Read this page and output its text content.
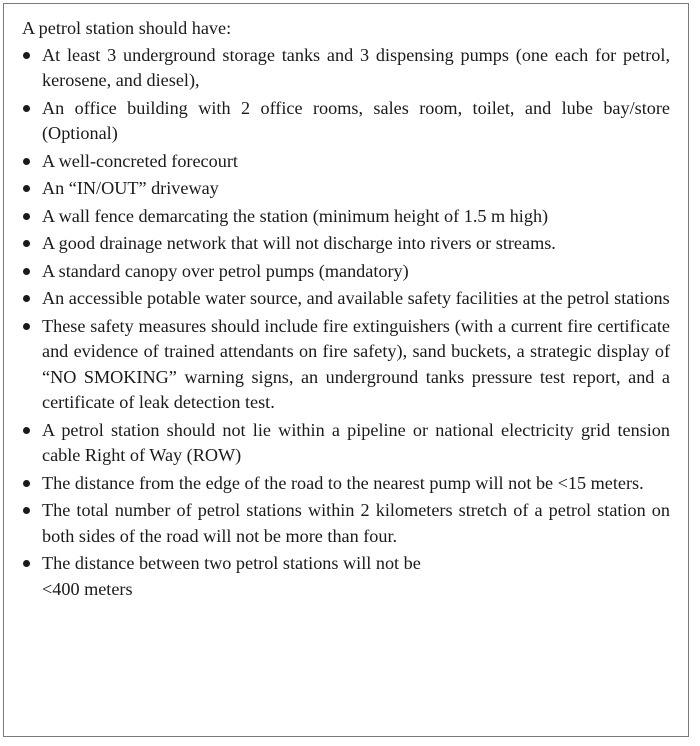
A petrol station should have:
At least 3 underground storage tanks and 3 dispensing pumps (one each for petrol, kerosene, and diesel),
An office building with 2 office rooms, sales room, toilet, and lube bay/store (Optional)
A well-concreted forecourt
An “IN/OUT” driveway
A wall fence demarcating the station (minimum height of 1.5 m high)
A good drainage network that will not discharge into rivers or streams.
A standard canopy over petrol pumps (mandatory)
An accessible potable water source, and available safety facilities at the petrol stations
These safety measures should include fire extinguishers (with a current fire certificate and evidence of trained attendants on fire safety), sand buckets, a strategic display of “NO SMOKING” warning signs, an underground tanks pressure test report, and a certificate of leak detection test.
A petrol station should not lie within a pipeline or national electricity grid tension cable Right of Way (ROW)
The distance from the edge of the road to the nearest pump will not be <15 meters.
The total number of petrol stations within 2 kilometers stretch of a petrol station on both sides of the road will not be more than four.
The distance between two petrol stations will not be
<400 meters
